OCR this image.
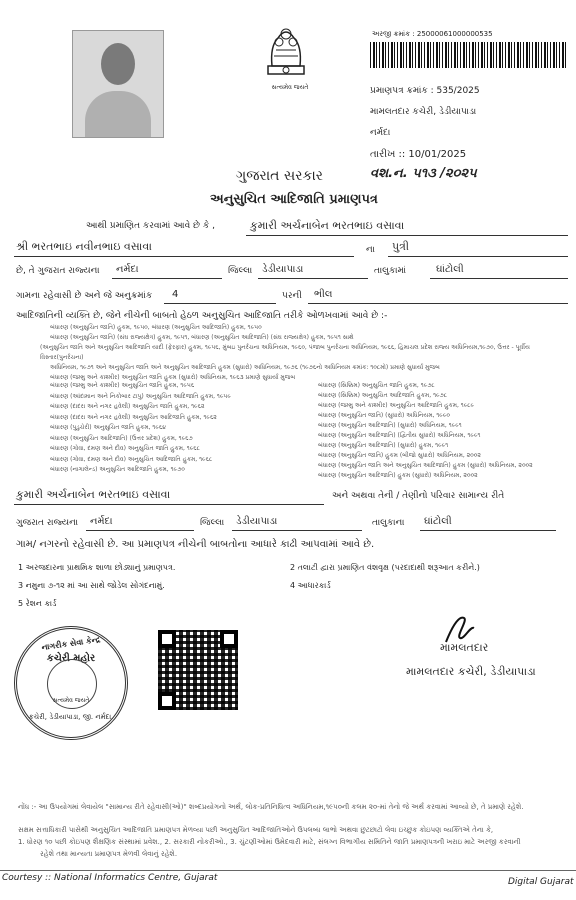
સત્યમેવ જયતે
અરજી ક્રમાંક : 25000061000000535
પ્રમાણપત્ર ક્રમાંક : 535/2025
મામલતદાર કચેરી, ડેડીયાપાડા
નર્મદા
તારીખ :: 10/01/2025
વશ.ન. ૫૧૩ /૨૦૨૫
ગુજરાત સરકાર
અનુસુચિત આદિજાતિ પ્રમાણપત્ર
આથી પ્રમાણિત કરવામાં આવે છે કે ,	કુમારી અર્ચનાબેન ભરતભાઇ વસાવા
શ્રી ભરતભાઇ નવીનભાઇ વસાવા	ના પુત્રી
છે, તે ગુજરાત રાજ્યના નર્મદા	જિલ્લા ડેડીયાપાડા	તાલુકામાં	ઘાંટોલી
ગામના રહેવાસી છે અને જે અનુક્રમાંક 4	પરની ભીલ
આદિજાતિની વ્યક્તિ છે, જેને નીચેની બાબતો હેઠળ અનુસુચિત આદિજાતિ તરીકે ઓળખવામાં આવે છે :-
બંધારણ (અનુસુચિત જાતિ) હુકમ, ૧૯૫૦, બંધારણ (અનુસુચિત આદિજાતિ) હુકમ, ૧૯૫૦
બંધારણ (અનુસુચિત જાતિ) (સંઘ રાજ્યક્ષેત્ર) હુકમ, ૧૯૫૧, બંધારણ (અનુસુચિત આદિજાતિ) (સંઘ રાજ્યક્ષેત્ર) હુકમ, ૧૯૫૧ સાથે
(અનુસુચિત જાતિ અને અનુસુચિત આદિજાતિ યાદી (ફેરફાર) હુકમ, ૧૯૫૬, મુંબઇ પુનર્રચના અધિનિયમ, ૧૯૬૦, પંજાબ પુનર્રચના અધિનિયમ, ૧૯૬૬, હિમાચલ પ્રદેશ રાજ્ય અધિનિયમ,૧૯૭૦, ઉત્તર - પૂર્વીય વિસ્તાર(પુનર્રચના)
અધિનિયમ, ૧૯૭૧ અને અનુસુચિત જાતિ અને અનુસુચિત આદિજાતિ હુકમ (સુધારો) અધિનિયમ, ૧૯૭૬ (૧૯૭૬નો અધિનિયમ ક્રમાંક: ૧૦૮મો) પ્રમાણે સુધાર્યા મુજબ
બંધારણ (જમ્મુ અને કાશ્મીર) અનુસુચિત જાતિ હુકમ (સુધારો) અધિનિયમ, ૧૯૬૩ પ્રમાણે સુધાર્યા મુજબ
બંધારણ (જમ્મુ અને કાશ્મીર) અનુસુચિત જાતિ હુકમ, ૧૯૫૬
બંધારણ (આંદામાન અને નિકોબાર ટાપુ) અનુસુચિત આદિજાતિ હુકમ, ૧૯૫૯
બંધારણ (દાદરા અને નગર હવેલી) અનુસુચિત જાતિ હુકમ, ૧૯૬૨
બંધારણ (દાદરા અને નગર હવેલી) અનુસુચિત આદિજાતિ હુકમ, ૧૯૬૨
બંધારણ (પુડુચેરી) અનુસુચિત જાતિ હુકમ, ૧૯૬૪
બંધારણ (અનુસુચિત આદિજાતિ) (ઉત્તર પ્રદેશ) હુકમ, ૧૯૬૭
બંધારણ (ગોવા, દમણ અને દીવ) અનુસુચિત જાતિ હુકમ, ૧૯૬૮
બંધારણ (ગોવા, દમણ અને દીવ) અનુસુચિત આદિજાતિ હુકમ, ૧૯૬૮
બંધારણ (નાગાલેન્ડ) અનુસુચિત આદિજાતિ હુકમ, ૧૯૭૦
બંધારણ (સિક્કિમ) અનુસુચિત જાતિ હુકમ, ૧૯૭૮
બંધારણ (સિક્કિમ) અનુસુચિત આદિજાતિ હુકમ, ૧૯૭૮
બંધારણ (જમ્મુ અને કાશ્મીર) અનુસુચિત આદિજાતિ હુકમ, ૧૯૮૯
બંધારણ (અનુસુચિત જાતિ) (સુધારો) અધિનિયમ, ૧૯૯૦
બંધારણ (અનુસુચિત આદિજાતિ) (સુધારો) અધિનિયમ, ૧૯૯૧
બંધારણ (અનુસુચિત આદિજાતિ) (દ્વિતીય સુધારો) અધિનિયમ, ૧૯૯૧
બંધારણ (અનુસુચિત આદિજાતિ) (સુધારો) હુકમ, ૧૯૯૧
બંધારણ (અનુસુચિત જાતિ) હુકમ (બીજો સુધારો) અધિનિયમ, ૨૦૦૨
બંધારણ (અનુસુચિત જાતિ અને અનુસુચિત આદિજાતિ) હુકમ (સુધારો) અધિનિયમ, ૨૦૦૨
બંધારણ (અનુસુચિત આદિજાતિ) હુકમ (સુધારો) અધિનિયમ, ૨૦૦૨
કુમારી અર્ચનાબેન ભરતભાઇ વસાવા	અને અથવા તેની / તેણીનો પરિવાર સામાન્ય રીતે
ગુજરાત રાજ્યના નર્મદા	જિલ્લા ડેડીયાપાડા	તાલુકાના ઘાંટોલી
ગામ/ નગરનો રહેવાસી છે. આ પ્રમાણપત્ર નીચેની બાબતોના આધારે કાઢી આપવામાં આવે છે.
1 અરજદારના પ્રાથમિક શાળા છોડ્યાનું પ્રમાણપત્ર.	2 તલાટી દ્વારા પ્રમાણિત વંશવૃક્ષ (પરદાદાથી શરૂઆત કરીને.)
3 નમુના ૭-૧૨ માં આ સાથે જોડેલ સોગંદનામું.	4 આધારકાર્ડ
5 રેશન કાર્ડ
નાગરીક સેવા કેન્દ્ર
કચેરી મહોર
સત્યમેવ જયતે
કચેરી, ડેડીયાપાડા, જી. નર્મદા.
મામલતદાર
મામલતદાર કચેરી, ડેડીયાપાડા
નોંધ :- આ ઉપયોગમાં લેવાયેલ "સામાન્ય રીતે રહેવાસી(ઓ)" શબ્દપ્રયોગનો અર્થ, લોક-પ્રતિનિધિત્વ અધિનિયમ,૧૯૫૦ની કલમ ૨૦-માં તેનો જે અર્થ કરવામાં આવ્યો છે, તે પ્રમાણે રહેશે.
સક્ષમ સત્તાધિકારી પાસેથી અનુસુચિત આદિજાતિ પ્રમાણપત્ર મેળવ્યા પછી અનુસુચિત આદિજાતિઓને ઉપલબ્ધ લાભો અથવા છુટછાટો લેવા ઇચ્છુક કોઇપણ વ્યક્તિએ તેના કે,
1. ધોરણ ૧૦ પછી કોઇપણ શૈક્ષણિક સંસ્થામાં પ્રવેશ., 2. સરકારી નોકરીઓ., 3. ચુંટણીઓમાં ઉમેદવારી માટે, સંલગ્ન વિભાગીય સમિતિને જાતિ પ્રમાણપત્રની ખરાઇ માટે અરજી કરવાની
રહેશે તથા માન્યતા પ્રમાણપત્ર મેળવી લેવાનું રહેશે.
Courtesy :: National Informatics Centre, Gujarat	Digital Gujarat
